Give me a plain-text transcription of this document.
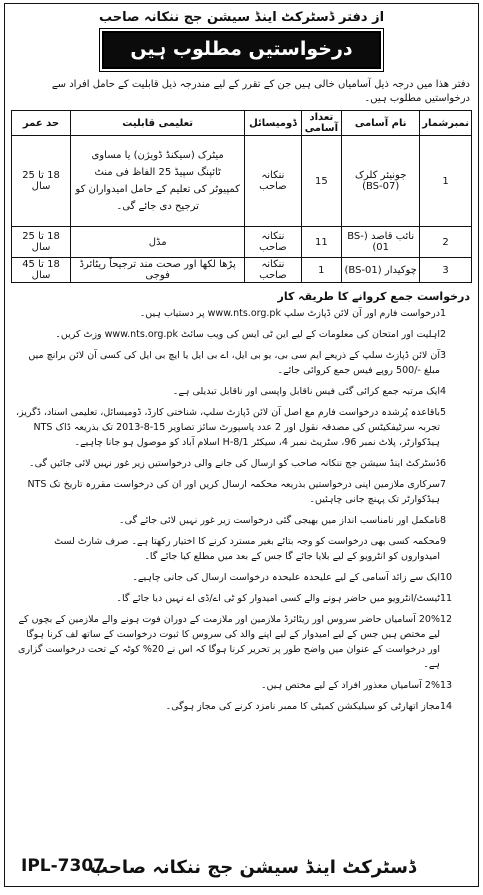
از دفتر ڈسٹرکٹ اینڈ سیشن جج ننکانہ صاحب
درخواستیں مطلوب ہیں
دفتر ھذا میں درجہ ذیل آسامیاں خالی ہیں جن کے تقرر کے لیے مندرجہ ذیل قابلیت کے حامل افراد سے درخواستیں مطلوب ہیں۔
نمبرشمار	نام آسامی	تعداد آسامی	ڈومیسائل	تعلیمی قابلیت	حد عمر
1	جونیئر کلرک (BS-07)	15	ننکانہ صاحب	میٹرک (سیکنڈ ڈویژن) یا مساوی
ٹائپنگ سپیڈ 25 الفاظ فی منٹ
کمپیوٹر کی تعلیم کے حامل امیدواران کو ترجیح دی جائے گی۔	18 تا 25 سال
2	نائب قاصد (BS-01)	11	ننکانہ صاحب	مڈل	18 تا 25 سال
3	چوکیدار (BS-01)	1	ننکانہ صاحب	پڑھا لکھا اور صحت مند ترجیحاً ریٹائرڈ فوجی	18 تا 45 سال
درخواست جمع کروانے کا طریقہ کار
1
درخواست فارم اور آن لائن ڈپازٹ سلپ www.nts.org.pk پر دستیاب ہیں۔
2
اہلیت اور امتحان کی معلومات کے لیے این ٹی ایس کی ویب سائٹ www.nts.org.pk وزٹ کریں۔
3
آن لائن ڈپازٹ سلپ کے ذریعے ایم سی بی، یو بی ایل، اے بی ایل یا ایچ بی ایل کی کسی آن لائن برانچ میں مبلغ -/500 روپے فیس جمع کروائی جائے۔
4
ایک مرتبہ جمع کرائی گئی فیس ناقابل واپسی اور ناقابل تبدیلی ہے۔
5
باقاعدہ پُرشدہ درخواست فارم مع اصل آن لائن ڈپازٹ سلپ، شناختی کارڈ، ڈومیسائل، تعلیمی اسناد، ڈگریز، تجربہ سرٹیفکیٹس کی مصدقہ نقول اور 2 عدد پاسپورٹ سائز تصاویر 15-8-2013 تک بذریعہ ڈاک NTS ہیڈکوارٹر، پلاٹ نمبر 96، سٹریٹ نمبر 4، سیکٹر H-8/1 اسلام آباد کو موصول ہو جانا چاہیے۔
6
ڈسٹرکٹ اینڈ سیشن جج ننکانہ صاحب کو ارسال کی جانے والی درخواستیں زیر غور نہیں لائی جائیں گی۔
7
سرکاری ملازمین اپنی درخواستیں بذریعہ محکمہ ارسال کریں اور ان کی درخواست مقررہ تاریخ تک NTS ہیڈکوارٹر تک پہنچ جانی چاہئیں۔
8
نامکمل اور نامناسب انداز میں بھیجی گئی درخواست زیر غور نہیں لائی جائے گی۔
9
محکمہ کسی بھی درخواست کو وجہ بتائے بغیر مسترد کرنے کا اختیار رکھتا ہے۔ صرف شارٹ لسٹ امیدواروں کو انٹرویو کے لیے بلایا جائے گا جس کے بعد میں مطلع کیا جائے گا۔
10
ایک سے زائد آسامی کے لیے علیحدہ علیحدہ درخواست ارسال کی جانی چاہیے۔
11
ٹیسٹ/انٹرویو میں حاضر ہونے والے کسی امیدوار کو ٹی اے/ڈی اے نہیں دیا جائے گا۔
12
20% آسامیاں حاضر سروس اور ریٹائرڈ ملازمین اور ملازمت کے دوران فوت ہونے والے ملازمین کے بچوں کے لیے مختص ہیں جس کے لیے امیدوار کے لیے اپنے والد کی سروس کا ثبوت درخواست کے ساتھ لف کرنا ہوگا اور درخواست کے عنوان میں واضح طور پر تحریر کرنا ہوگا کہ اس نے 20% کوٹہ کے تحت درخواست گزاری ہے۔
13
2% آسامیاں معذور افراد کے لیے مختص ہیں۔
14
مجاز اتھارٹی کو سیلیکشن کمیٹی کا ممبر نامزد کرنے کی مجاز ہوگی۔
ڈسٹرکٹ اینڈ سیشن جج ننکانہ صاحب
IPL-7307
